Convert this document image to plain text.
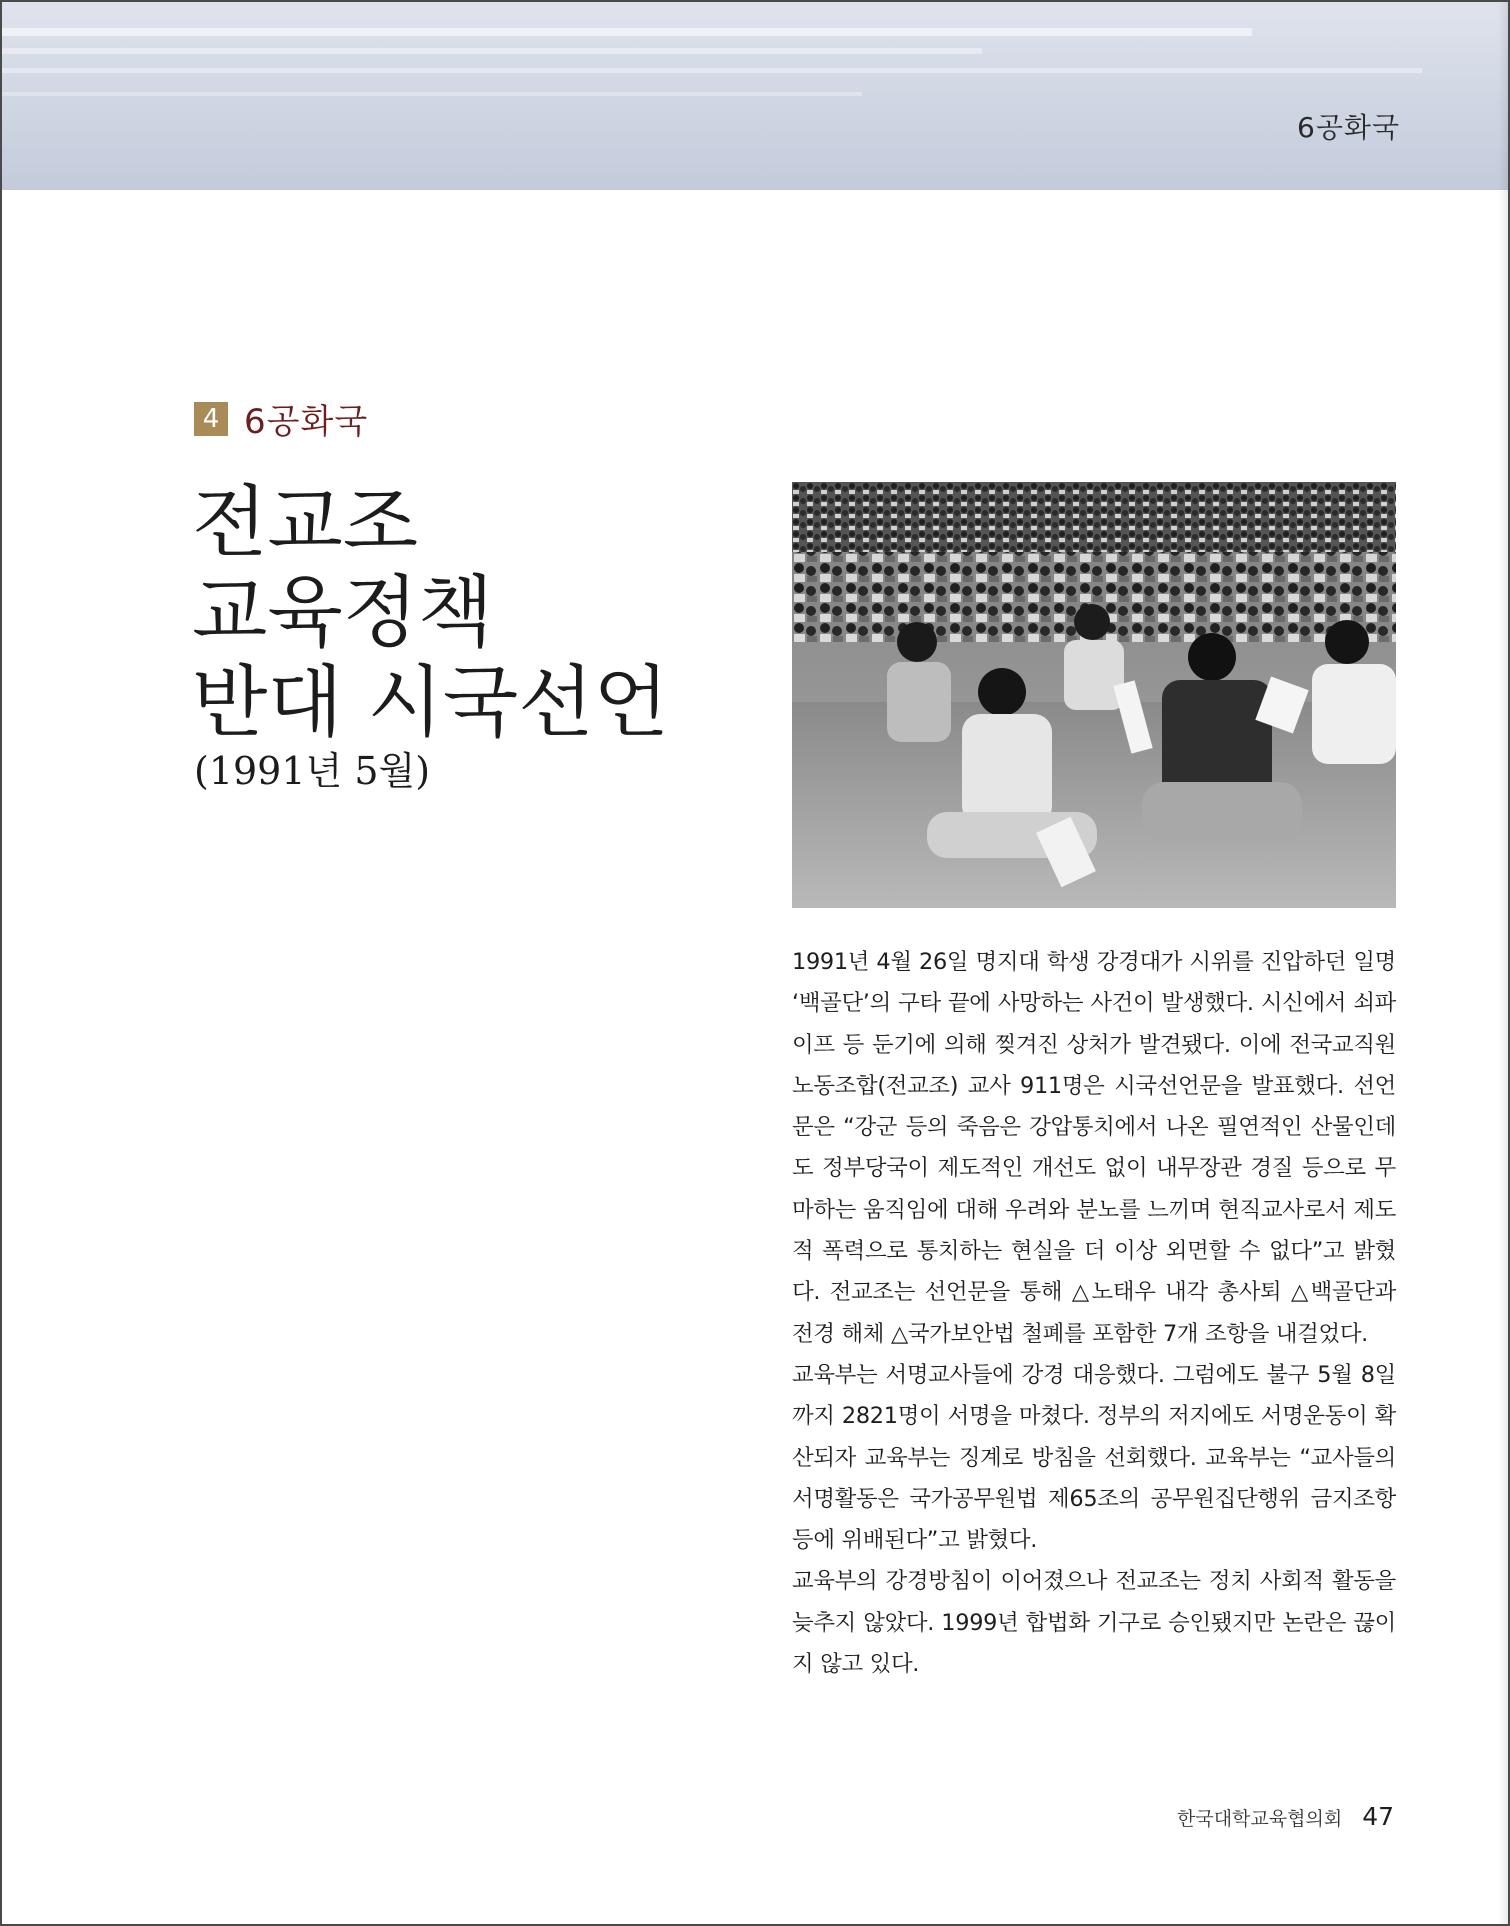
6공화국
4 6공화국
전교조
교육정책
반대 시국선언
(1991년 5월)

1991년 4월 26일 명지대 학생 강경대가 시위를 진압하던 일명 ‘백골단’의 구타 끝에 사망하는 사건이 발생했다. 시신에서 쇠파이프 등 둔기에 의해 찢겨진 상처가 발견됐다. 이에 전국교직원노동조합(전교조) 교사 911명은 시국선언문을 발표했다. 선언문은 “강군 등의 죽음은 강압통치에서 나온 필연적인 산물인데도 정부당국이 제도적인 개선도 없이 내무장관 경질 등으로 무마하는 움직임에 대해 우려와 분노를 느끼며 현직교사로서 제도적 폭력으로 통치하는 현실을 더 이상 외면할 수 없다”고 밝혔다. 전교조는 선언문을 통해 △노태우 내각 총사퇴 △백골단과 전경 해체 △국가보안법 철폐를 포함한 7개 조항을 내걸었다.

교육부는 서명교사들에 강경 대응했다. 그럼에도 불구 5월 8일까지 2821명이 서명을 마쳤다. 정부의 저지에도 서명운동이 확산되자 교육부는 징계로 방침을 선회했다. 교육부는 “교사들의 서명활동은 국가공무원법 제65조의 공무원집단행위 금지조항 등에 위배된다”고 밝혔다.

교육부의 강경방침이 이어졌으나 전교조는 정치 사회적 활동을 늦추지 않았다. 1999년 합법화 기구로 승인됐지만 논란은 끊이지 않고 있다.

한국대학교육협의회 47
